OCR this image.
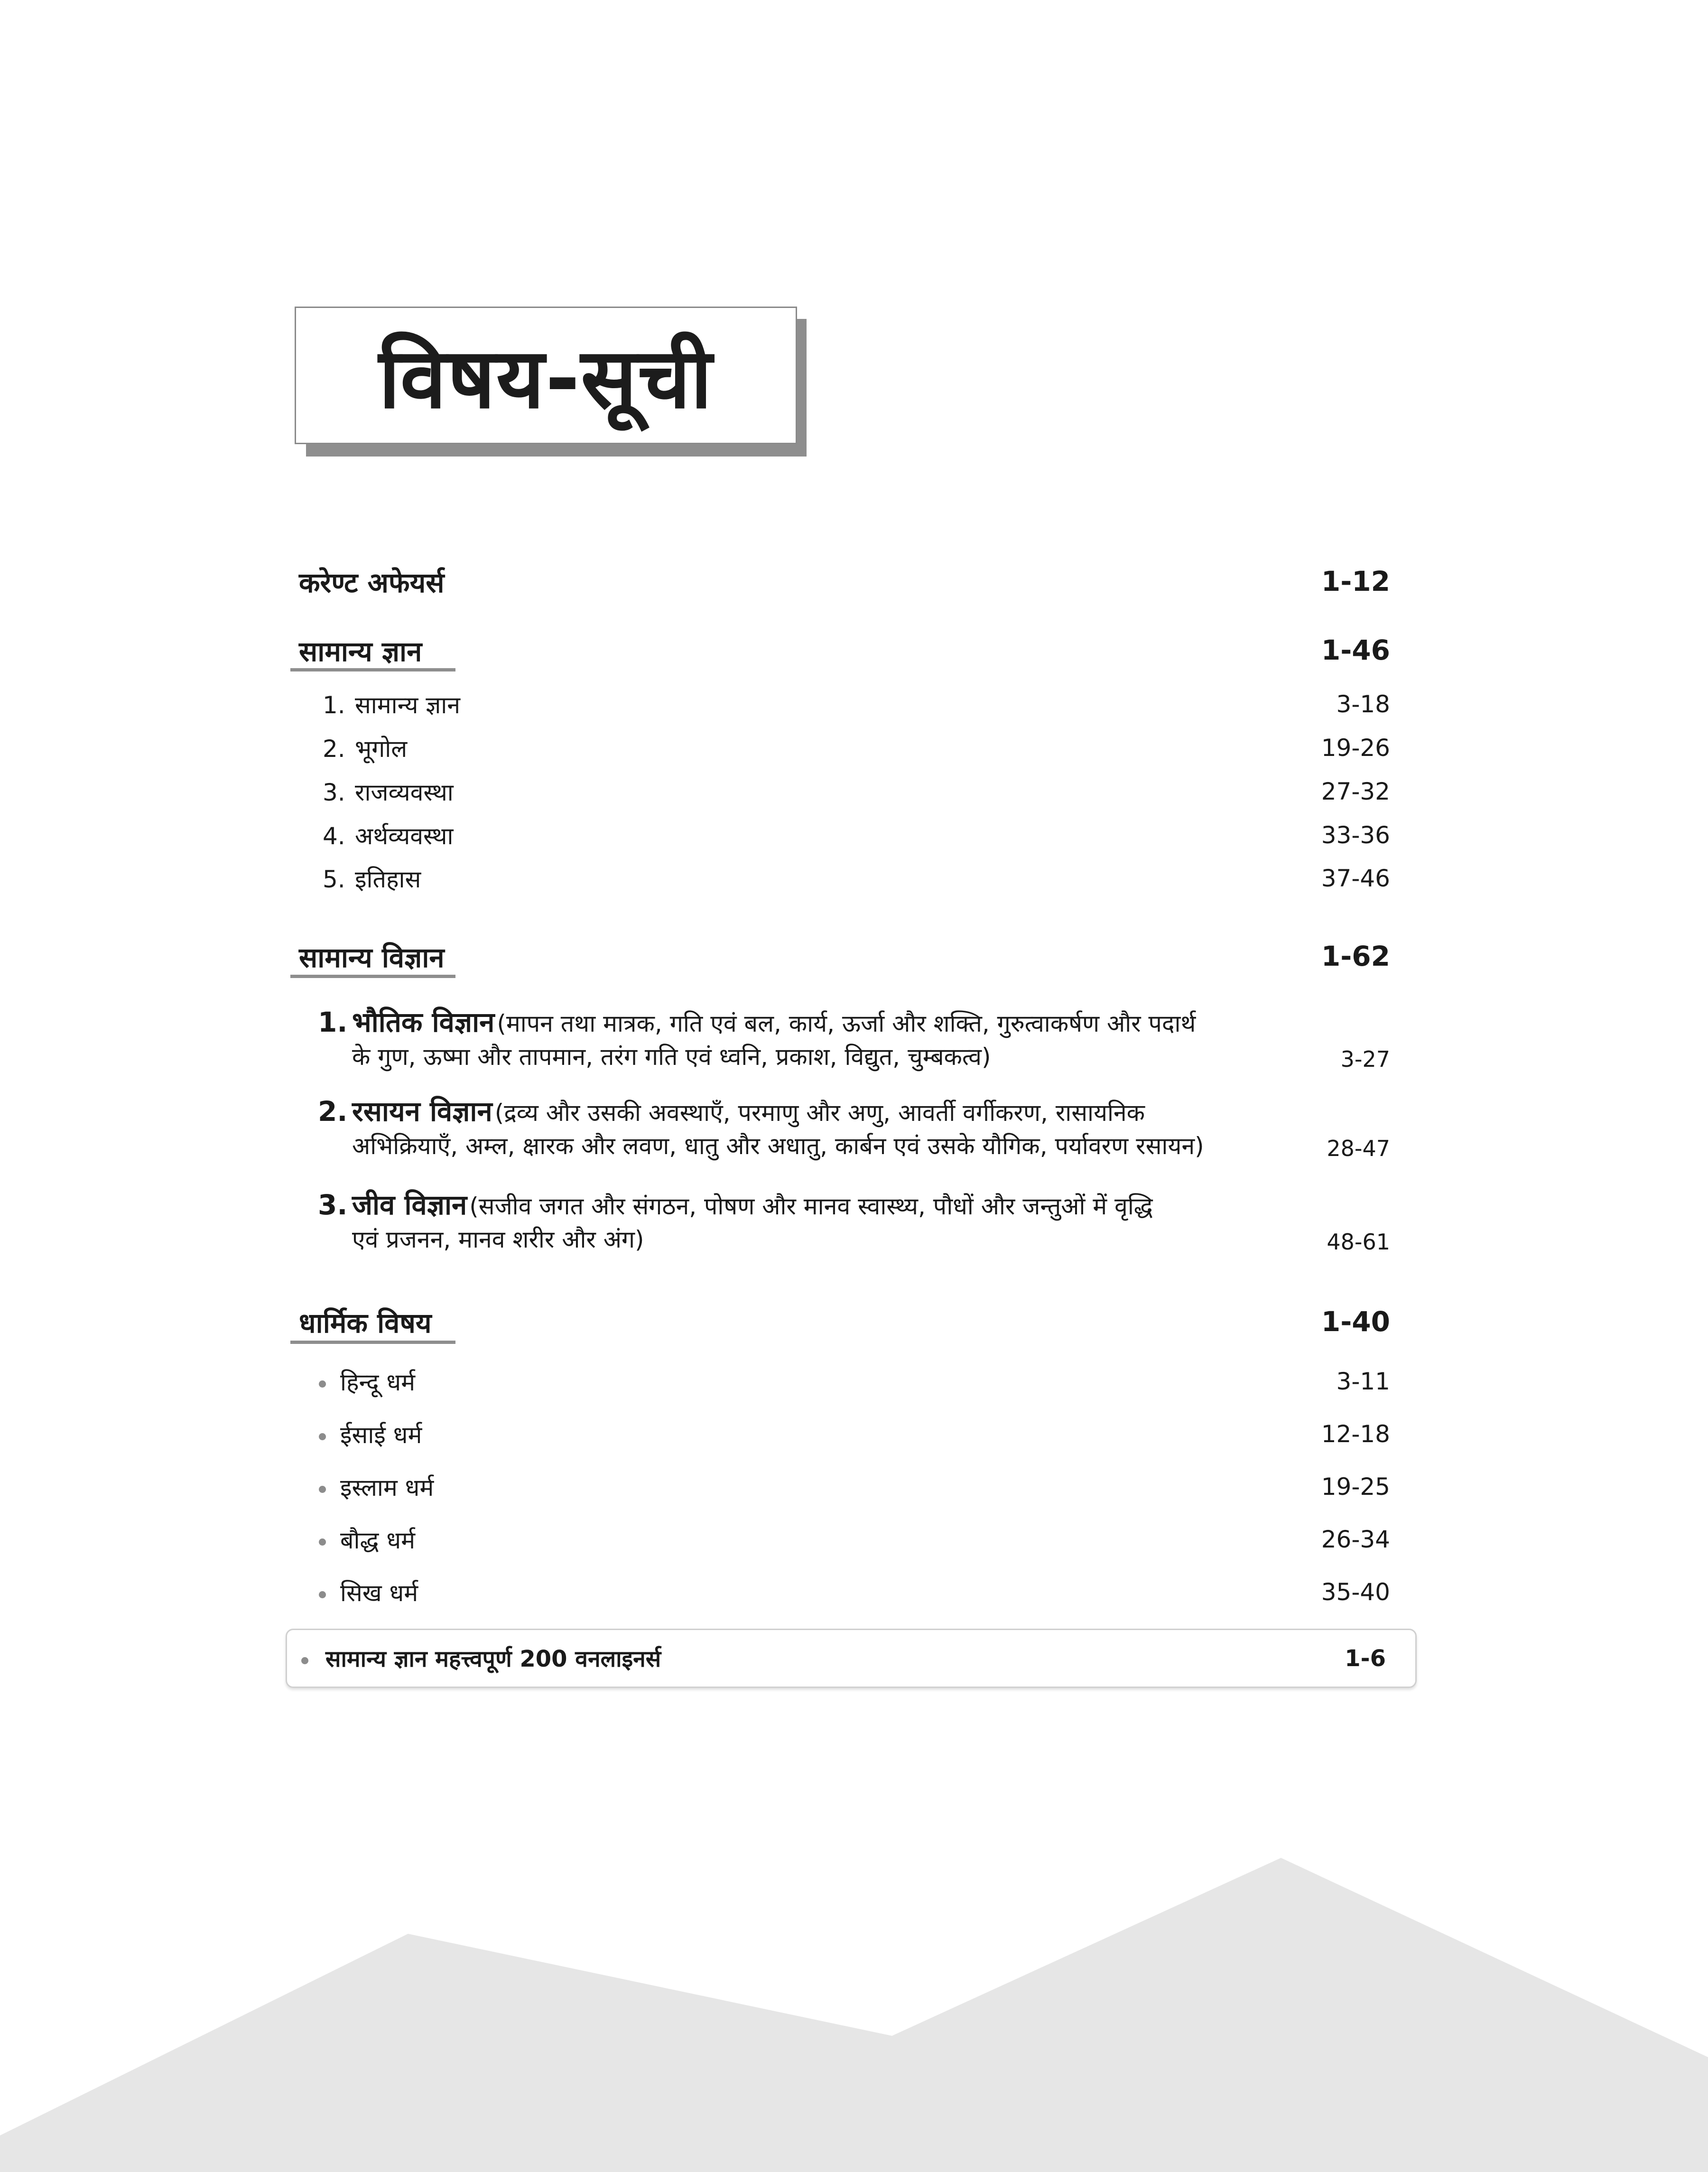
विषय-सूची
करेण्ट अफेयर्स	1-12
सामान्य ज्ञान	1-46
1. सामान्य ज्ञान	3-18
2. भूगोल	19-26
3. राजव्यवस्था	27-32
4. अर्थव्यवस्था	33-36
5. इतिहास	37-46
सामान्य विज्ञान	1-62
1. भौतिक विज्ञान (मापन तथा मात्रक, गति एवं बल, कार्य, ऊर्जा और शक्ति, गुरुत्वाकर्षण और पदार्थ
के गुण, ऊष्मा और तापमान, तरंग गति एवं ध्वनि, प्रकाश, विद्युत, चुम्बकत्व)	3-27
2. रसायन विज्ञान (द्रव्य और उसकी अवस्थाएँ, परमाणु और अणु, आवर्ती वर्गीकरण, रासायनिक
अभिक्रियाएँ, अम्ल, क्षारक और लवण, धातु और अधातु, कार्बन एवं उसके यौगिक, पर्यावरण रसायन)	28-47
3. जीव विज्ञान (सजीव जगत और संगठन, पोषण और मानव स्वास्थ्य, पौधों और जन्तुओं में वृद्धि
एवं प्रजनन, मानव शरीर और अंग)	48-61
धार्मिक विषय	1-40
हिन्दू धर्म	3-11
ईसाई धर्म	12-18
इस्लाम धर्म	19-25
बौद्ध धर्म	26-34
सिख धर्म	35-40
सामान्य ज्ञान महत्त्वपूर्ण 200 वनलाइनर्स	1-6
